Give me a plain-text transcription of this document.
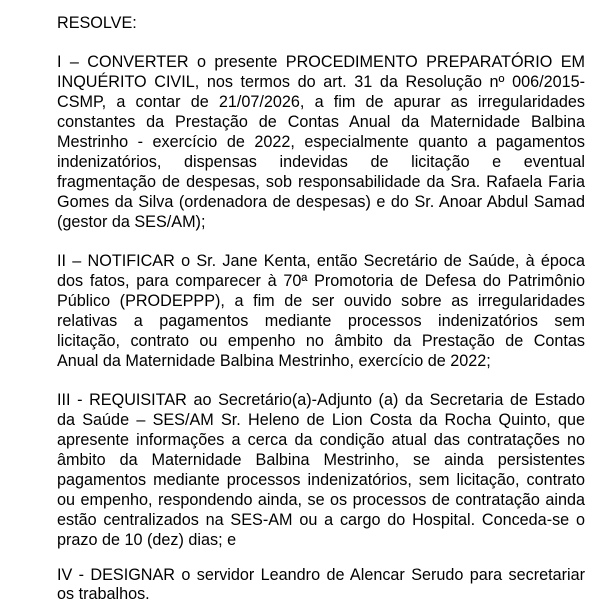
RESOLVE:
I – CONVERTER o presente PROCEDIMENTO PREPARATÓRIO EM
INQUÉRITO CIVIL, nos termos do art. 31 da Resolução nº 006/2015-
CSMP, a contar de 21/07/2026, a fim de apurar as irregularidades
constantes da Prestação de Contas Anual da Maternidade Balbina
Mestrinho - exercício de 2022, especialmente quanto a pagamentos
indenizatórios, dispensas indevidas de licitação e eventual
fragmentação de despesas, sob responsabilidade da Sra. Rafaela Faria
Gomes da Silva (ordenadora de despesas) e do Sr. Anoar Abdul Samad
(gestor da SES/AM);
II – NOTIFICAR o Sr. Jane Kenta, então Secretário de Saúde, à época
dos fatos, para comparecer à 70ª Promotoria de Defesa do Patrimônio
Público (PRODEPPP), a fim de ser ouvido sobre as irregularidades
relativas a pagamentos mediante processos indenizatórios sem
licitação, contrato ou empenho no âmbito da Prestação de Contas
Anual da Maternidade Balbina Mestrinho, exercício de 2022;
III - REQUISITAR ao Secretário(a)-Adjunto (a) da Secretaria de Estado
da Saúde – SES/AM Sr. Heleno de Lion Costa da Rocha Quinto, que
apresente informações a cerca da condição atual das contratações no
âmbito da Maternidade Balbina Mestrinho, se ainda persistentes
pagamentos mediante processos indenizatórios, sem licitação, contrato
ou empenho, respondendo ainda, se os processos de contratação ainda
estão centralizados na SES-AM ou a cargo do Hospital. Conceda-se o
prazo de 10 (dez) dias; e
IV - DESIGNAR o servidor Leandro de Alencar Serudo para secretariar
os trabalhos.
